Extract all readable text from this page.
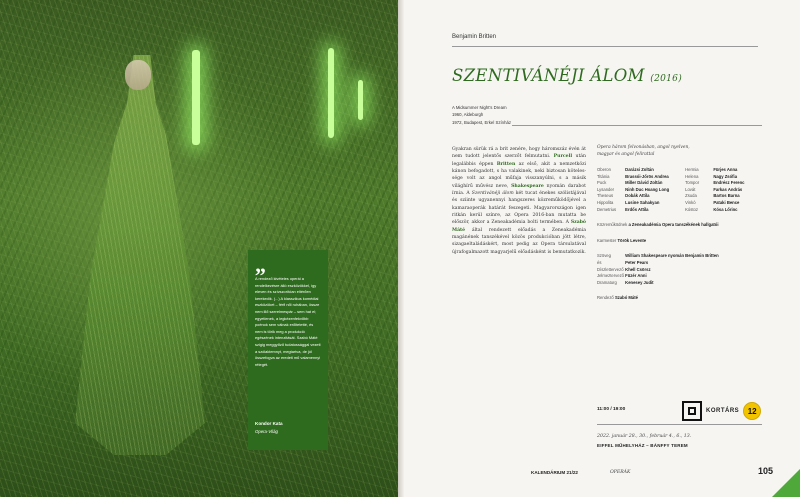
„
A rendező kivételes operái a rendelkezésre álló eszközökkel, így eleven és szívszorítóan eltérően kerekedik. (...) A klasszikus komédiai eszközöket – férfi női ruhában, össze nem illő szerelmespár – sem hat el; egyetlenek, a legkézenfekvőbb poénok sem válnak erőltetetté, és nem is törik meg a produkció egészének intenzitását. Szabó Máté szigig meggyőző tudatossággal vezeti a szólaktemnyt, megtartva, de jól összefogva az eredeti mű valamennyi rétegét.
Kondor Kata
Opera-Világ
Benjamin Britten
SZENTIVÁNÉJI ÁLOM (2016)
A Midsummer Night's Dream
1960, Aldeburgh
1972, Budapest, Erkel Színház
Gyakran sürük rá a brit zenére, hogy háromszáz évén át nem tudott jelentős szerzőt felmutatni. Purcell után legalábbis éppen Britten az első, akit a nemzetközi kánon befogadott, s ha valakinek, neki biztosan köteles-sége volt az angol műfaja visszanyúlni, s a másik világhírű művész neve, Shakespeare nyomán darabot írnia. A Szentivánéji álom két tucat énekes szólistájával és sziinte ugyanennyi hangszeres közreműködőjével a kamaraoperák határát feszegeti. Magyarországon igen ritkán kerül színre, az Opera 2016-ban mutatta be először, akkor a Zeneakadémia bolti termében. A Szabó Máté által rendezett előadás a Zeneakadémia magánének tanszékével közös produkcióban jött létre, sizagaeltaládáskért, most pedig az Opera társulatával újrafogalmazott magyarjelű előadásként is bemutatkozik.
Opera három felvonásban, angol nyelven,
magyar és angol felirattal
Oberon	Darázsi Zoltán
Titánia	Brassói-Jőrös Andrea
Puck	Miller Dávid Zoltán
Lysander	Ninh Duc Hoang Long
Theseus	Dobák Attila
Hippolita	Lusine Sahakyan
Demetrius Erdős Attila
Hermia	Fürjes Anna
Helena	Nagy Zsófia
Tompor	Endrész Ferenc
Lovát	Farkas András
Zsuda	Bartos Barna
Vinkó	Pataki Bence
Kóstoz	Kósa Lőrinc
Közreműködnek a Zeneakadémia Opera tanszékének hallgatói
Karmester Török Levente
Szöveg	William Shakespeare nyomán Benjamin Britten
és	Peter Pears
Díszlettervező Khell Csörsz
Jelmeztervező Füzér Anni
Dramaturg Kenesey Judit
Rendező Szabó Máté
11:00 / 19:00	KORTÁRS	12
2022. január 28., 30., február 4., 6., 13.
EIFFEL MŰHELYHÁZ – BÁNFFY TEREM
KALENDÁRIUM 21/22	OPERÁK	105
